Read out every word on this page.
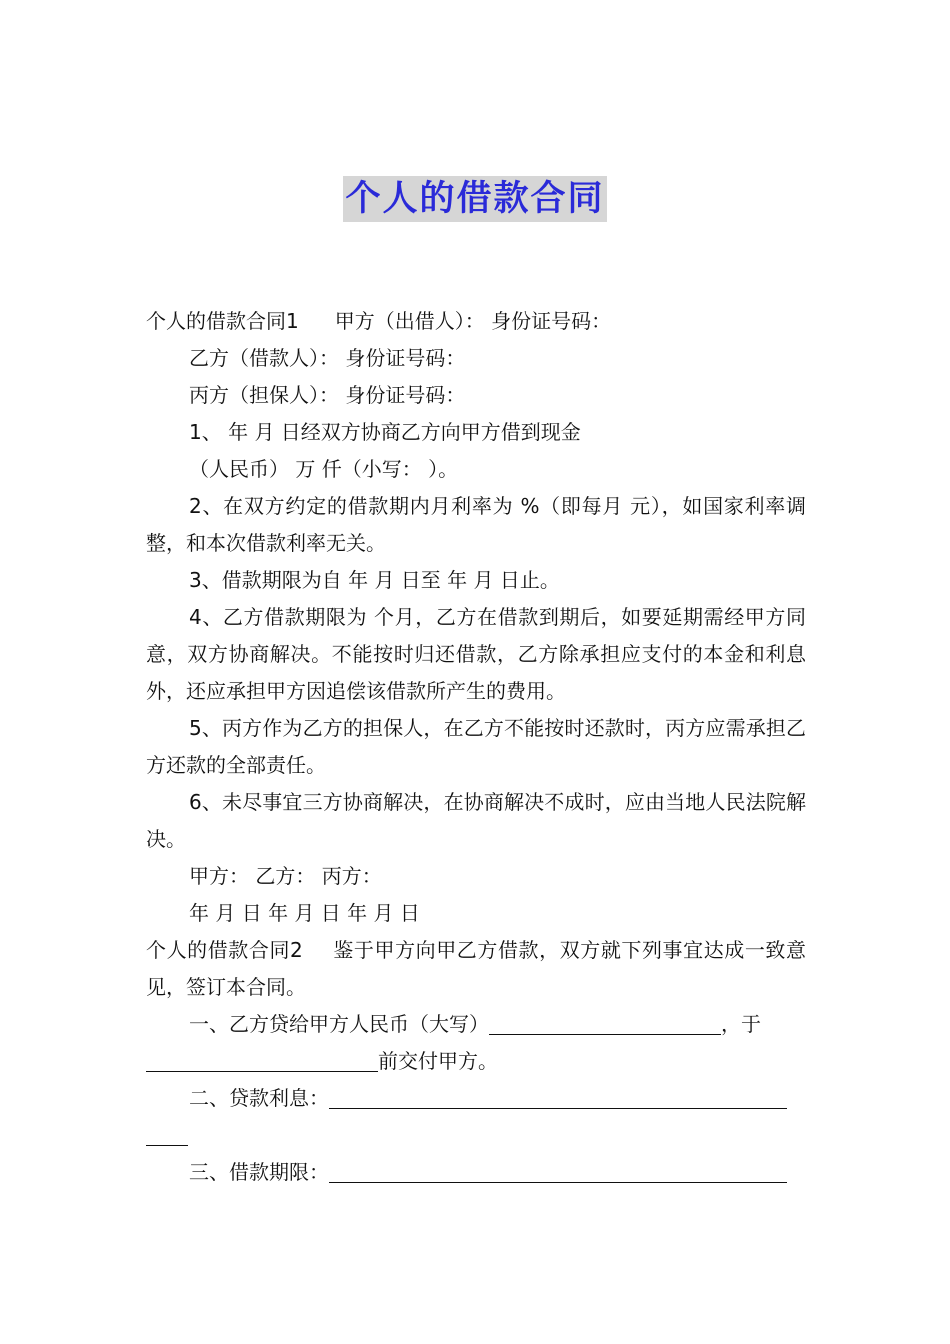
个人的借款合同

个人的借款合同1 甲方（出借人）： 身份证号码：

乙方（借款人）： 身份证号码：

丙方（担保人）： 身份证号码：

1、 年 月 日经双方协商乙方向甲方借到现金

（人民币） 万 仟（小写： ）。

2、在双方约定的借款期内月利率为 %（即每月 元），如国家利率调整，和本次借款利率无关。

3、借款期限为自 年 月 日至 年 月 日止。

4、乙方借款期限为 个月，乙方在借款到期后，如要延期需经甲方同意，双方协商解决。不能按时归还借款，乙方除承担应支付的本金和利息外，还应承担甲方因追偿该借款所产生的费用。

5、丙方作为乙方的担保人，在乙方不能按时还款时，丙方应需承担乙方还款的全部责任。

6、未尽事宜三方协商解决，在协商解决不成时，应由当地人民法院解决。

甲方： 乙方： 丙方：

年 月 日 年 月 日 年 月 日

个人的借款合同2 鉴于甲方向甲乙方借款，双方就下列事宜达成一致意见，签订本合同。

一、乙方贷给甲方人民币（大写）	，于

前交付甲方。

二、贷款利息：

三、借款期限：
